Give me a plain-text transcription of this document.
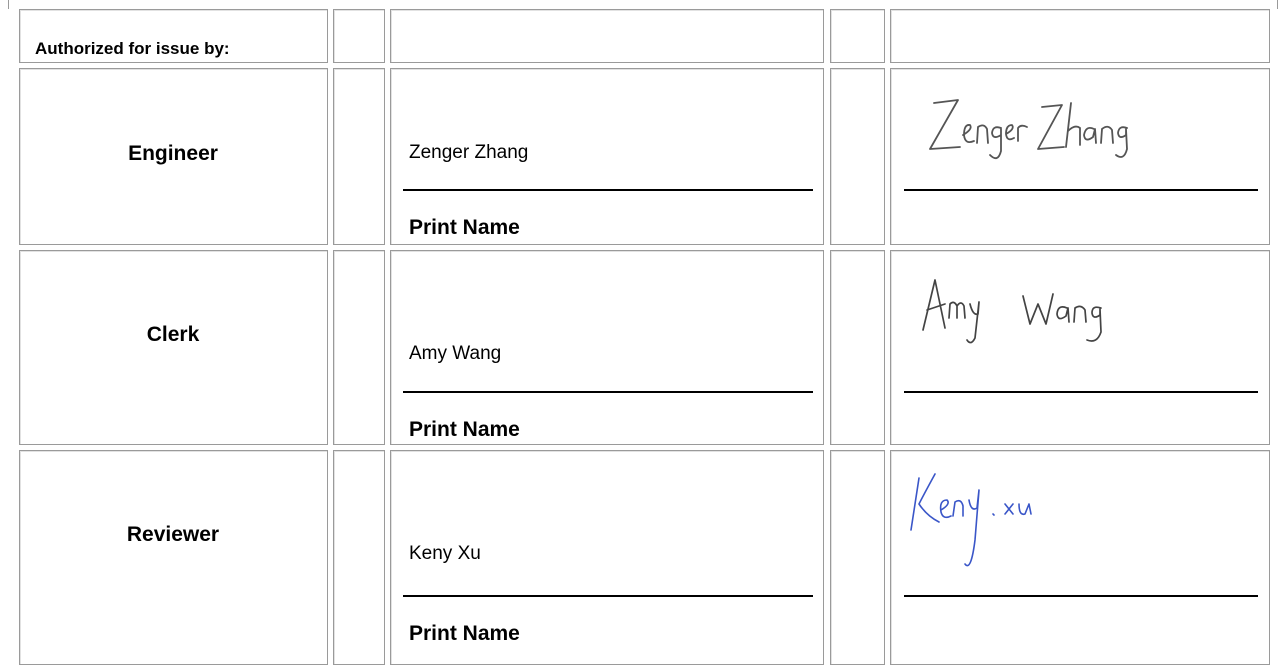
Authorized for issue by:
Engineer	Zenger Zhang
Print Name
Clerk
Amy Wang
Print Name
Reviewer
Keny Xu
Print Name
